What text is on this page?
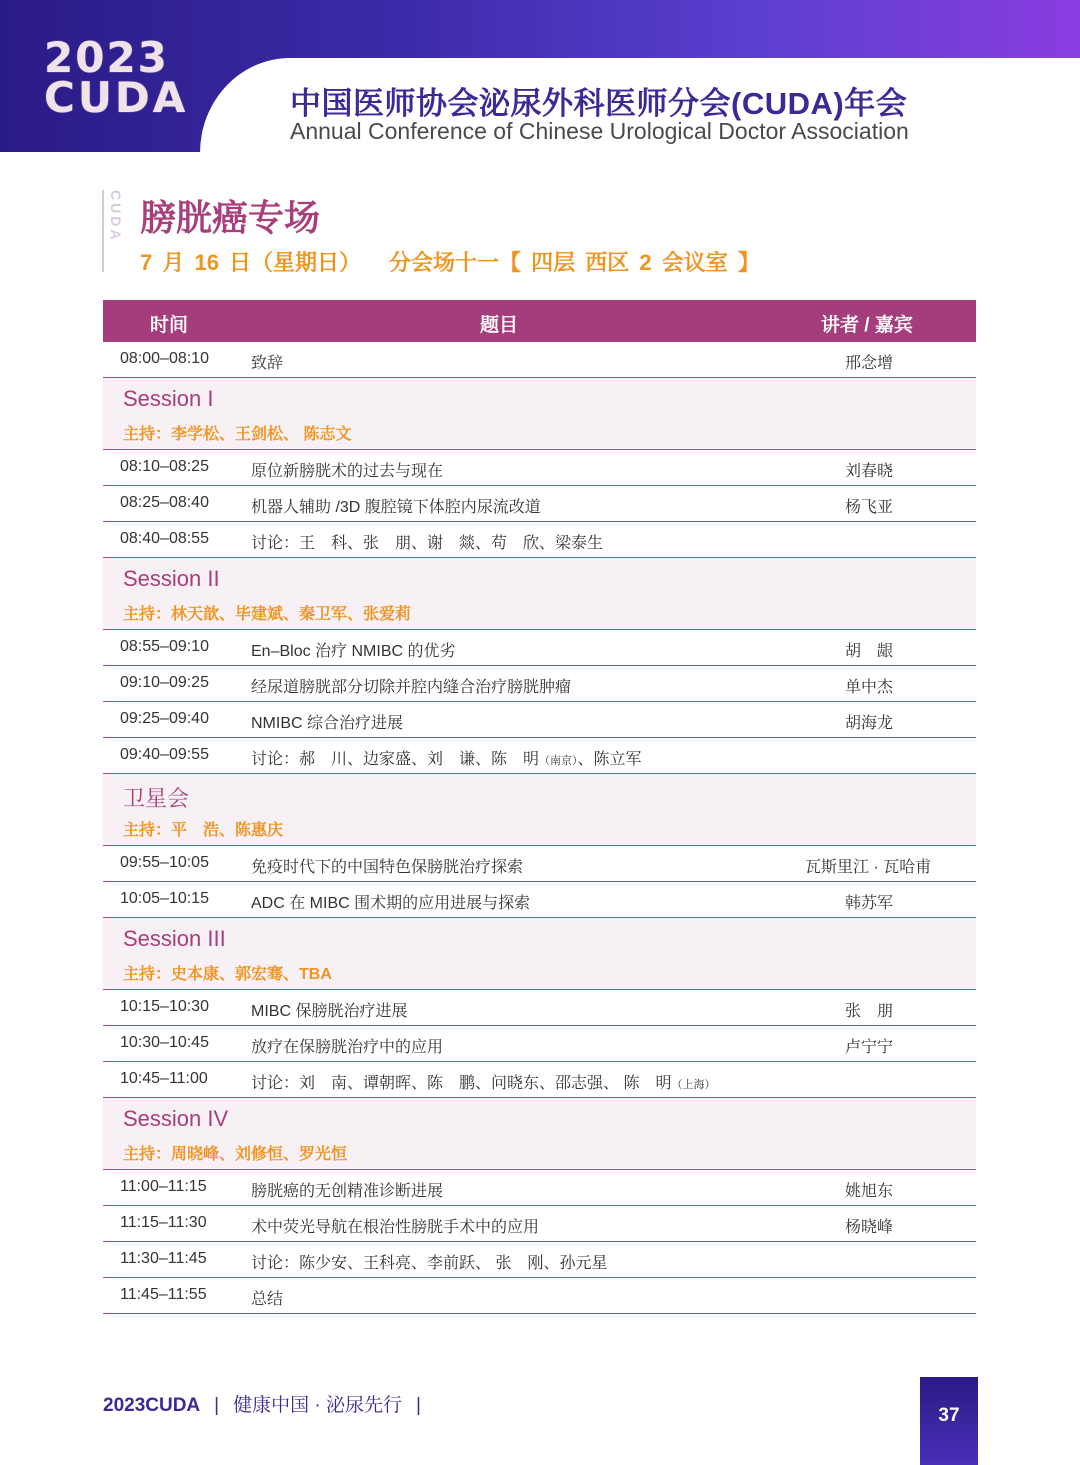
2023
CUDA	中国医师协会泌尿外科医师分会(CUDA)年会
Annual Conference of Chinese Urological Doctor Association
CUDA 膀胱癌专场
7 月 16 日（星期日） 分会场十一【 四层 西区 2 会议室 】
时间	题目	讲者 / 嘉宾
08:00–08:10	致辞	邢念增
Session I
主持：李学松、王剑松、 陈志文
08:10–08:25	原位新膀胱术的过去与现在	刘春晓
08:25–08:40	机器人辅助 /3D 腹腔镜下体腔内尿流改道	杨飞亚
08:40–08:55	讨论：王　科、张　朋、谢　燚、苟　欣、梁泰生
Session II
主持：林天歆、毕建斌、秦卫军、张爱莉
08:55–09:10	En–Bloc 治疗 NMIBC 的优劣	胡　龈
09:10–09:25	经尿道膀胱部分切除并腔内缝合治疗膀胱肿瘤	单中杰
09:25–09:40	NMIBC 综合治疗进展	胡海龙
09:40–09:55	讨论：郝　川、边家盛、刘　谦、陈　明（南京）、陈立军
卫星会
主持：平　浩、陈惠庆
09:55–10:05	免疫时代下的中国特色保膀胱治疗探索	瓦斯里江 · 瓦哈甫
10:05–10:15	ADC 在 MIBC 围术期的应用进展与探索	韩苏军
Session III
主持：史本康、郭宏骞、TBA
10:15–10:30	MIBC 保膀胱治疗进展	张　朋
10:30–10:45	放疗在保膀胱治疗中的应用	卢宁宁
10:45–11:00	讨论：刘　南、谭朝晖、陈　鹏、问晓东、邵志强、 陈　明（上海）
Session IV
主持：周晓峰、刘修恒、罗光恒
11:00–11:15	膀胱癌的无创精准诊断进展	姚旭东
11:15–11:30	术中荧光导航在根治性膀胱手术中的应用	杨晓峰
11:30–11:45	讨论：陈少安、王科亮、李前跃、 张　刚、孙元星
11:45–11:55	总结
2023CUDA | 健康中国 · 泌尿先行 |	37
